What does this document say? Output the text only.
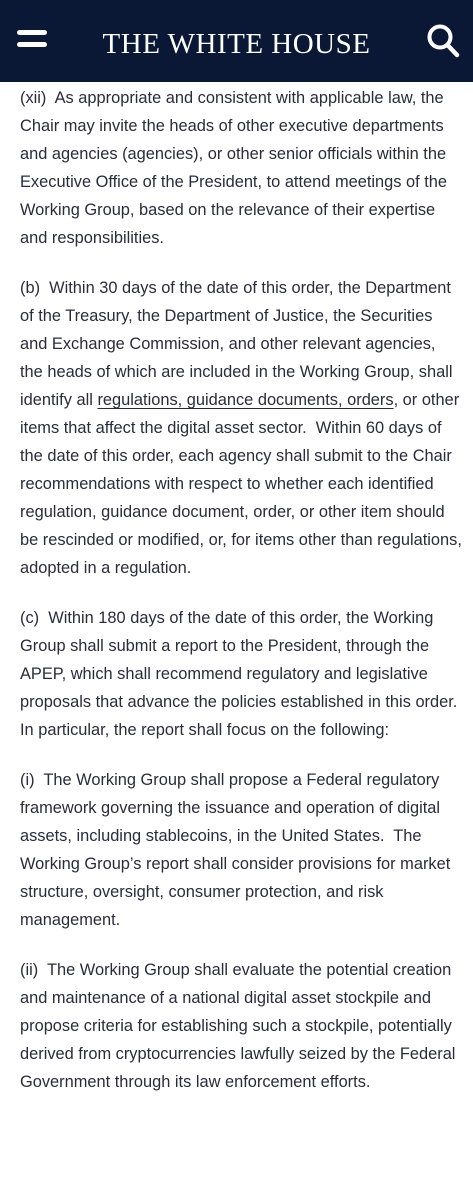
THE WHITE HOUSE

(xii)  As appropriate and consistent with applicable law, the Chair may invite the heads of other executive departments and agencies (agencies), or other senior officials within the Executive Office of the President, to attend meetings of the Working Group, based on the relevance of their expertise and responsibilities.

(b)  Within 30 days of the date of this order, the Department of the Treasury, the Department of Justice, the Securities and Exchange Commission, and other relevant agencies, the heads of which are included in the Working Group, shall identify all regulations, guidance documents, orders, or other items that affect the digital asset sector.  Within 60 days of the date of this order, each agency shall submit to the Chair recommendations with respect to whether each identified regulation, guidance document, order, or other item should be rescinded or modified, or, for items other than regulations, adopted in a regulation.

(c)  Within 180 days of the date of this order, the Working Group shall submit a report to the President, through the APEP, which shall recommend regulatory and legislative proposals that advance the policies established in this order.  In particular, the report shall focus on the following:

(i)  The Working Group shall propose a Federal regulatory framework governing the issuance and operation of digital assets, including stablecoins, in the United States.  The Working Group’s report shall consider provisions for market structure, oversight, consumer protection, and risk management.

(ii)  The Working Group shall evaluate the potential creation and maintenance of a national digital asset stockpile and propose criteria for establishing such a stockpile, potentially derived from cryptocurrencies lawfully seized by the Federal Government through its law enforcement efforts.
